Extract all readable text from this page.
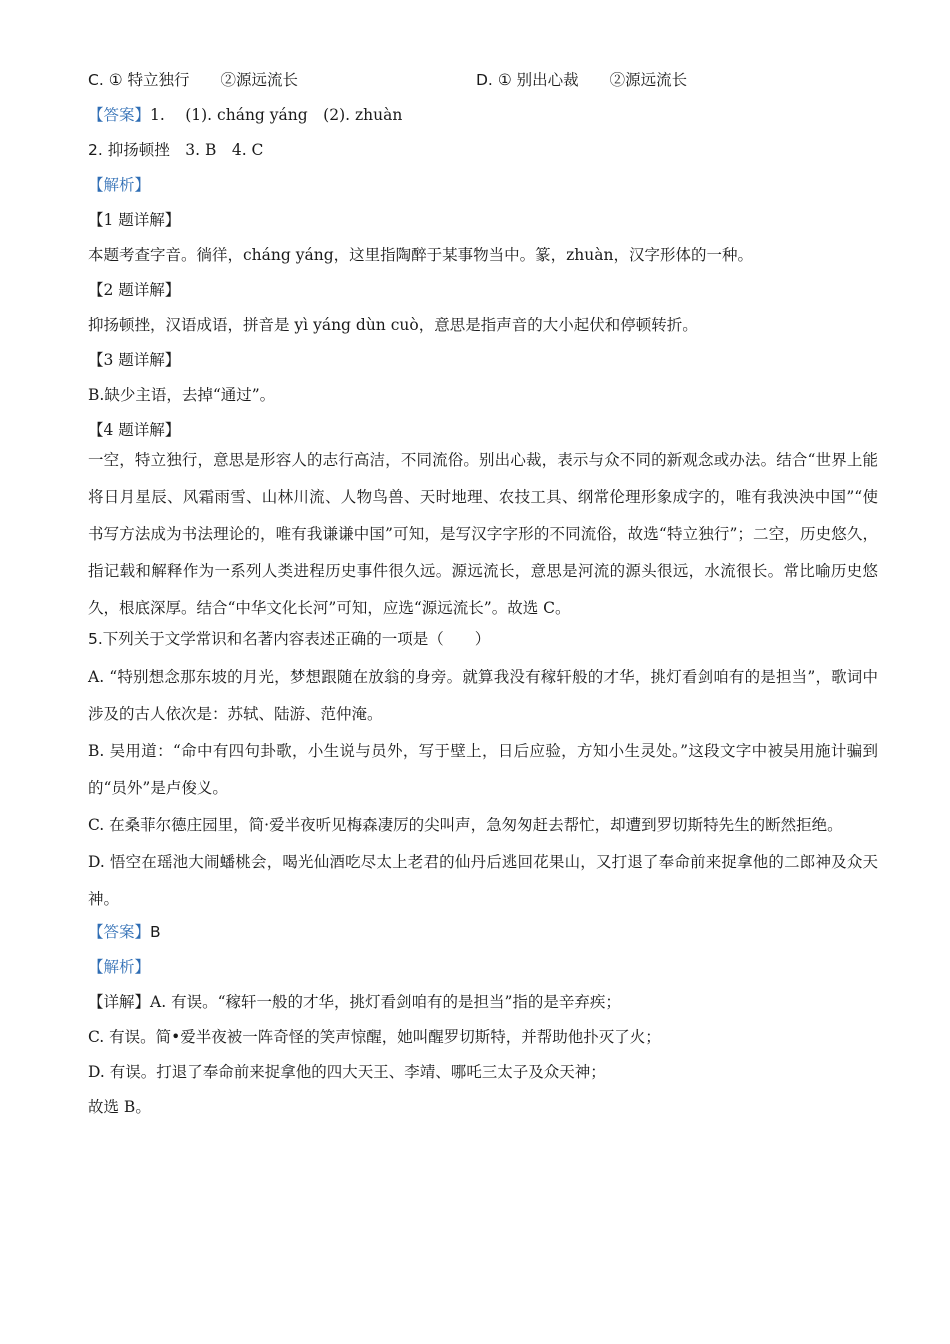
C. ① 特立独行　　②源远流长	D. ① 别出心裁　　②源远流长
【答案】1.　 (1). cháng yáng　(2). zhuàn
2. 抑扬顿挫　3. B　4. C
【解析】
【1 题详解】
本题考查字音。徜徉，cháng yáng，这里指陶醉于某事物当中。篆，zhuàn，汉字形体的一种。
【2 题详解】
抑扬顿挫，汉语成语，拼音是 yì yáng dùn cuò，意思是指声音的大小起伏和停顿转折。
【3 题详解】
B.缺少主语，去掉“通过”。
【4 题详解】
一空，特立独行，意思是形容人的志行高洁，不同流俗。别出心裁，表示与众不同的新观念或办法。结合“世界上能将日月星辰、风霜雨雪、山林川流、人物鸟兽、天时地理、农技工具、纲常伦理形象成字的，唯有我泱泱中国”“使书写方法成为书法理论的，唯有我谦谦中国”可知，是写汉字字形的不同流俗，故选“特立独行”；二空，历史悠久，指记载和解释作为一系列人类进程历史事件很久远。源远流长，意思是河流的源头很远，水流很长。常比喻历史悠久，根底深厚。结合“中华文化长河”可知，应选“源远流长”。故选 C。
5.下列关于文学常识和名著内容表述正确的一项是（　　）
A. “特别想念那东坡的月光，梦想跟随在放翁的身旁。就算我没有稼轩般的才华，挑灯看剑咱有的是担当”，歌词中涉及的古人依次是：苏轼、陆游、范仲淹。
B. 吴用道：“命中有四句卦歌，小生说与员外，写于壁上，日后应验，方知小生灵处。”这段文字中被吴用施计骗到的“员外”是卢俊义。
C. 在桑菲尔德庄园里，简·爱半夜听见梅森凄厉的尖叫声，急匆匆赶去帮忙，却遭到罗切斯特先生的断然拒绝。
D. 悟空在瑶池大闹蟠桃会，喝光仙酒吃尽太上老君的仙丹后逃回花果山，又打退了奉命前来捉拿他的二郎神及众天神。
【答案】B
【解析】
【详解】A. 有误。“稼轩一般的才华，挑灯看剑咱有的是担当”指的是辛弃疾；
C. 有误。简•爱半夜被一阵奇怪的笑声惊醒，她叫醒罗切斯特，并帮助他扑灭了火；
D. 有误。打退了奉命前来捉拿他的四大天王、李靖、哪吒三太子及众天神；
故选 B。
